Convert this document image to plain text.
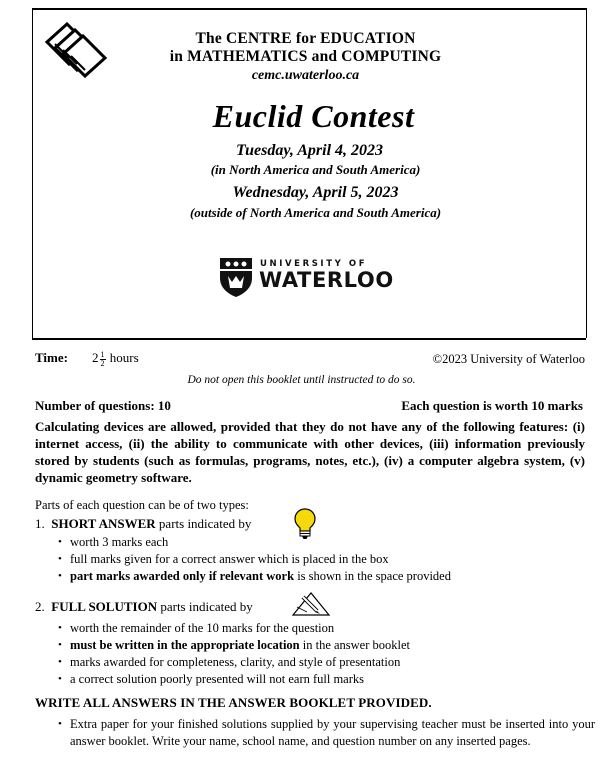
The CENTRE for EDUCATION
in MATHEMATICS and COMPUTING
cemc.uwaterloo.ca
Euclid Contest
Tuesday, April 4, 2023
(in North America and South America)
Wednesday, April 5, 2023
(outside of North America and South America)
UNIVERSITY OF
WATERLOO
Time: $2 \frac{1}{2}$ hours	©2023 University of Waterloo
Do not open this booklet until instructed to do so.
Number of questions: 10	Each question is worth 10 marks
Calculating devices are allowed, provided that they do not have any of the following features: (i) internet access, (ii) the ability to communicate with other devices, (iii) information previously stored by students (such as formulas, programs, notes, etc.), (iv) a computer algebra system, (v) dynamic geometry software.
Parts of each question can be of two types:
1. SHORT ANSWER parts indicated by
• worth 3 marks each
• full marks given for a correct answer which is placed in the box
• part marks awarded only if relevant work is shown in the space provided
2. FULL SOLUTION parts indicated by
• worth the remainder of the 10 marks for the question
• must be written in the appropriate location in the answer booklet
• marks awarded for completeness, clarity, and style of presentation
• a correct solution poorly presented will not earn full marks
WRITE ALL ANSWERS IN THE ANSWER BOOKLET PROVIDED.
• Extra paper for your finished solutions supplied by your supervising teacher must be inserted into your answer booklet. Write your name, school name, and question number on any inserted pages.
